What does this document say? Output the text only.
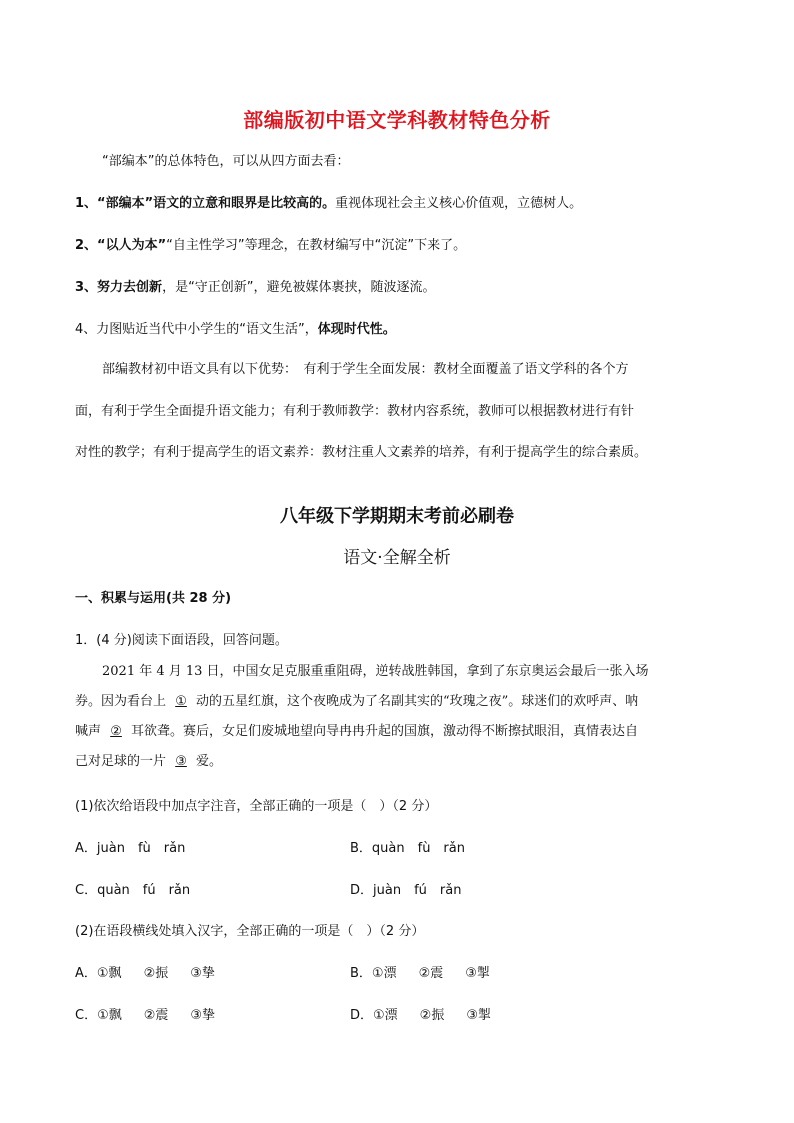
部编版初中语文学科教材特色分析
“部编本”的总体特色，可以从四方面去看：
1、“部编本”语文的立意和眼界是比较高的。重视体现社会主义核心价值观，立德树人。
2、“以人为本”“自主性学习”等理念，在教材编写中“沉淀”下来了。
3、努力去创新，是“守正创新”，避免被媒体裹挟，随波逐流。
4、力图贴近当代中小学生的“语文生活”，体现时代性。
部编教材初中语文具有以下优势：　有利于学生全面发展：教材全面覆盖了语文学科的各个方
面，有利于学生全面提升语文能力；有利于教师教学：教材内容系统，教师可以根据教材进行有针
对性的教学；有利于提高学生的语文素养：教材注重人文素养的培养，有利于提高学生的综合素质。
八年级下学期期末考前必刷卷
语文·全解全析
一、积累与运用(共 28 分)
1．(4 分)阅读下面语段，回答问题。
2021 年 4 月 13 日，中国女足克服重重阻碍，逆转战胜韩国，拿到了东京奥运会最后一张入场
券。因为看台上 ① 动的五星红旗，这个夜晚成为了名副其实的“玫瑰之夜”。球迷们的欢呼声、呐
喊声 ② 耳欲聋。赛后，女足们废城地望向导冉冉升起的国旗，激动得不断擦拭眼泪，真情表达自
己对足球的一片 ③ 爱。
(1)依次给语段中加点字注音，全部正确的一项是（　）（2 分）
A．juàn　fù　rǎn	B．quàn　fù　rǎn
C．quàn　fú　rǎn	D．juàn　fú　rǎn
(2)在语段横线处填入汉字，全部正确的一项是（　）（2 分）
A．①飘 ②振 ③挚	B．①漂 ②震 ③掣
C．①飘 ②震 ③挚	D．①漂 ②振 ③掣
